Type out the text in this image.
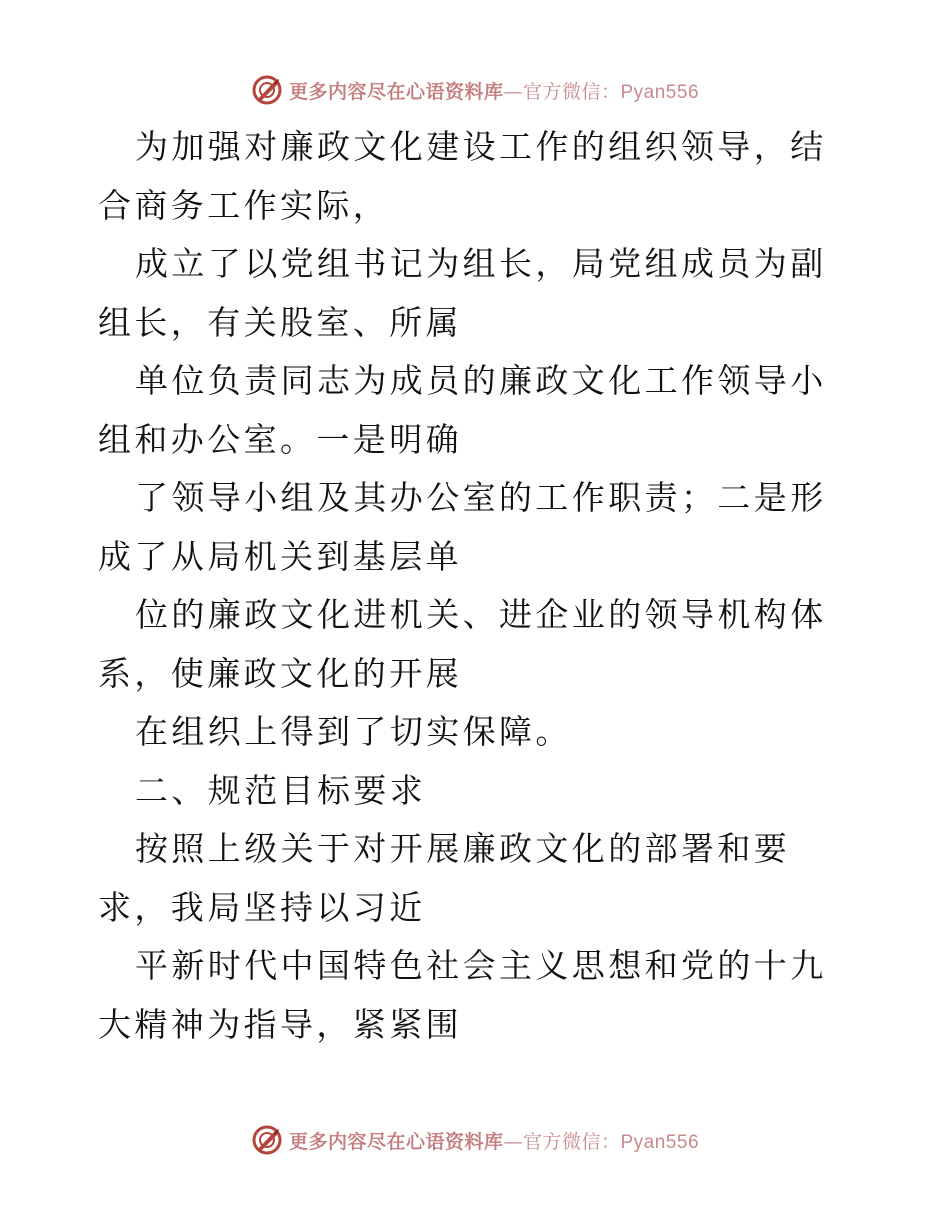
更多内容尽在心语资料库—官方微信：Pyan556

为加强对廉政文化建设工作的组织领导，结合商务工作实际，

成立了以党组书记为组长，局党组成员为副组长，有关股室、所属

单位负责同志为成员的廉政文化工作领导小组和办公室。一是明确

了领导小组及其办公室的工作职责；二是形成了从局机关到基层单

位的廉政文化进机关、进企业的领导机构体系，使廉政文化的开展

在组织上得到了切实保障。

二、规范目标要求

按照上级关于对开展廉政文化的部署和要求，我局坚持以习近

平新时代中国特色社会主义思想和党的十九大精神为指导，紧紧围

更多内容尽在心语资料库—官方微信：Pyan556
